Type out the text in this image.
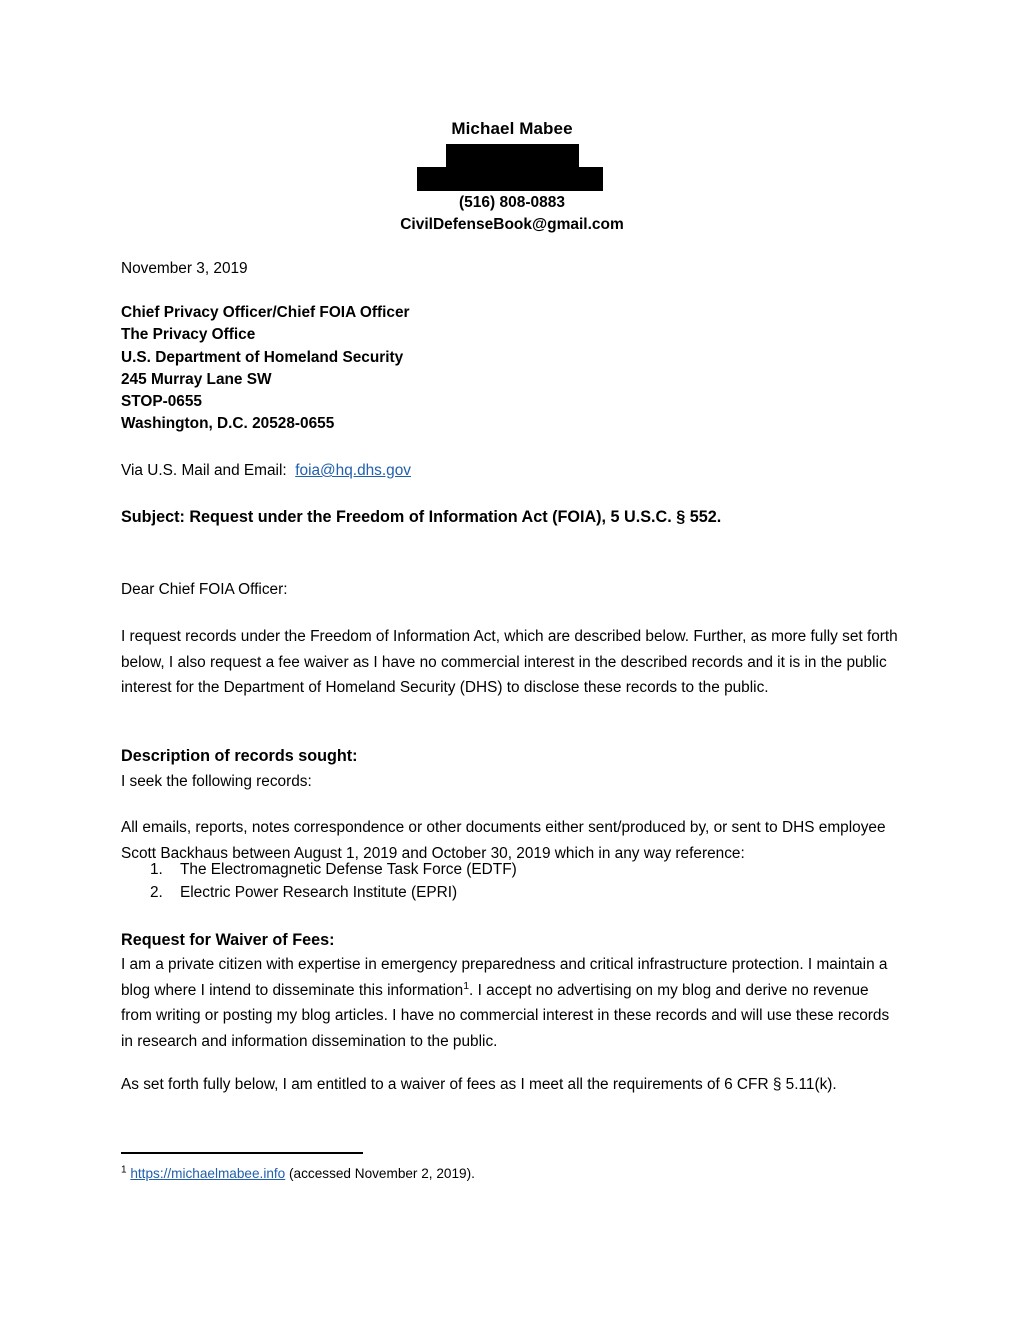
Michael Mabee
(516) 808-0883
CivilDefenseBook@gmail.com
November 3, 2019
Chief Privacy Officer/Chief FOIA Officer
The Privacy Office
U.S. Department of Homeland Security
245 Murray Lane SW
STOP-0655
Washington, D.C. 20528-0655
Via U.S. Mail and Email: foia@hq.dhs.gov
Subject: Request under the Freedom of Information Act (FOIA), 5 U.S.C. § 552.
Dear Chief FOIA Officer:
I request records under the Freedom of Information Act, which are described below. Further, as more fully set forth below, I also request a fee waiver as I have no commercial interest in the described records and it is in the public interest for the Department of Homeland Security (DHS) to disclose these records to the public.
Description of records sought:
I seek the following records:
All emails, reports, notes correspondence or other documents either sent/produced by, or sent to DHS employee Scott Backhaus between August 1, 2019 and October 30, 2019 which in any way reference:
1.	The Electromagnetic Defense Task Force (EDTF)
2.	Electric Power Research Institute (EPRI)
Request for Waiver of Fees:
I am a private citizen with expertise in emergency preparedness and critical infrastructure protection. I maintain a blog where I intend to disseminate this information$^1$. I accept no advertising on my blog and derive no revenue from writing or posting my blog articles. I have no commercial interest in these records and will use these records in research and information dissemination to the public.
As set forth fully below, I am entitled to a waiver of fees as I meet all the requirements of 6 CFR § 5.11(k).
$^1$ https://michaelmabee.info (accessed November 2, 2019).
